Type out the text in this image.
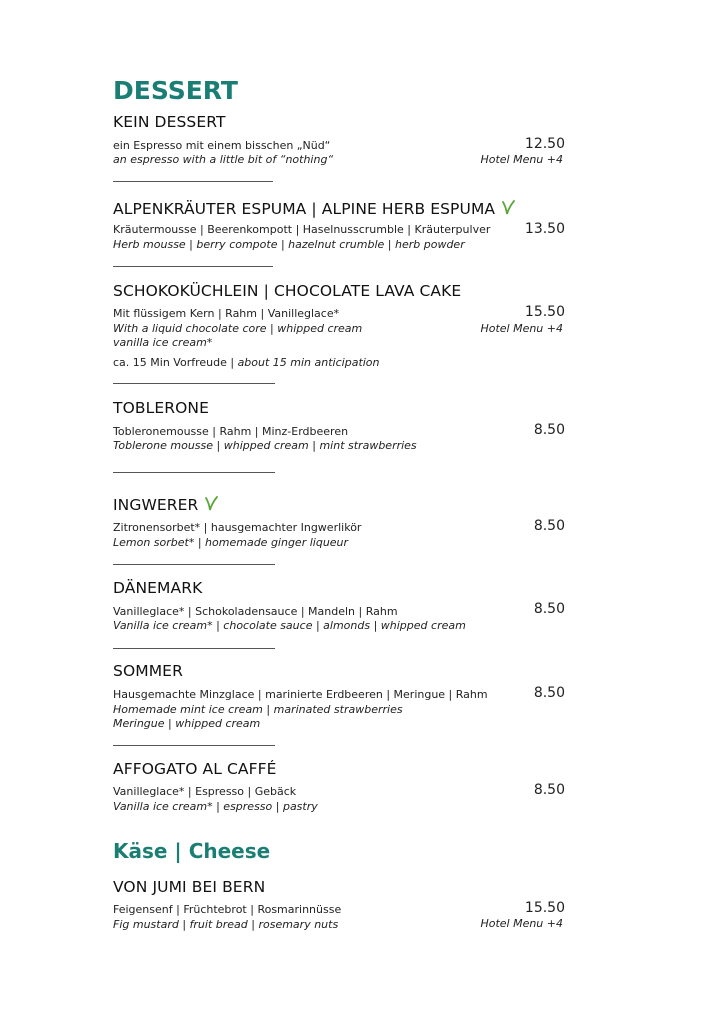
DESSERT
KEIN DESSERT
ein Espresso mit einem bisschen „Nüd“
an espresso with a little bit of “nothing“
12.50
Hotel Menu +4
ALPENKRÄUTER ESPUMA | ALPINE HERB ESPUMA
Kräutermousse | Beerenkompott | Haselnusscrumble | Kräuterpulver
Herb mousse | berry compote | hazelnut crumble | herb powder
13.50
SCHOKOKÜCHLEIN | CHOCOLATE LAVA CAKE
Mit flüssigem Kern | Rahm | Vanilleglace*
With a liquid chocolate core | whipped cream
vanilla ice cream*
ca. 15 Min Vorfreude | about 15 min anticipation
15.50
Hotel Menu +4
TOBLERONE
Tobleronemousse | Rahm | Minz-Erdbeeren
Toblerone mousse | whipped cream | mint strawberries
8.50
INGWERER
Zitronensorbet* | hausgemachter Ingwerlikör
Lemon sorbet* | homemade ginger liqueur
8.50
DÄNEMARK
Vanilleglace* | Schokoladensauce | Mandeln | Rahm
Vanilla ice cream* | chocolate sauce | almonds | whipped cream
8.50
SOMMER
Hausgemachte Minzglace | marinierte Erdbeeren | Meringue | Rahm
Homemade mint ice cream | marinated strawberries
Meringue | whipped cream
8.50
AFFOGATO AL CAFFÉ
Vanilleglace* | Espresso | Gebäck
Vanilla ice cream* | espresso | pastry
8.50
Käse | Cheese
VON JUMI BEI BERN
Feigensenf | Früchtebrot | Rosmarinnüsse
Fig mustard | fruit bread | rosemary nuts
15.50
Hotel Menu +4
